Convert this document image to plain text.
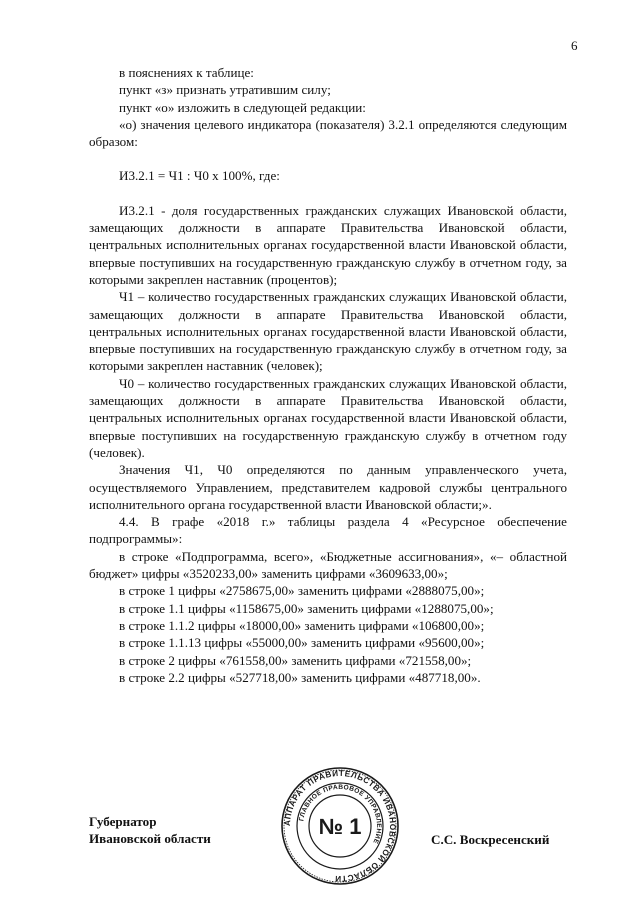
6

в пояснениях к таблице:

пункт «з» признать утратившим силу;

пункт «о» изложить в следующей редакции:

«о) значения целевого индикатора (показателя) 3.2.1 определяются следующим образом:

И3.2.1 = Ч1 : Ч0 х 100%, где:

И3.2.1 - доля государственных гражданских служащих Ивановской области, замещающих должности в аппарате Правительства Ивановской области, центральных исполнительных органах государственной власти Ивановской области, впервые поступивших на государственную гражданскую службу в отчетном году, за которыми закреплен наставник (процентов);

Ч1 – количество государственных гражданских служащих Ивановской области, замещающих должности в аппарате Правительства Ивановской области, центральных исполнительных органах государственной власти Ивановской области, впервые поступивших на государственную гражданскую службу в отчетном году, за которыми закреплен наставник (человек);

Ч0 – количество государственных гражданских служащих Ивановской области, замещающих должности в аппарате Правительства Ивановской области, центральных исполнительных органах государственной власти Ивановской области, впервые поступивших на государственную гражданскую службу в отчетном году (человек).

Значения Ч1, Ч0 определяются по данным управленческого учета, осуществляемого Управлением, представителем кадровой службы центрального исполнительного органа государственной власти Ивановской области;».

4.4. В графе «2018 г.» таблицы раздела 4 «Ресурсное обеспечение подпрограммы»:

в строке «Подпрограмма, всего», «Бюджетные ассигнования», «– областной бюджет» цифры «3520233,00» заменить цифрами «3609633,00»;

в строке 1 цифры «2758675,00» заменить цифрами «2888075,00»;

в строке 1.1 цифры «1158675,00» заменить цифрами «1288075,00»;

в строке 1.1.2 цифры «18000,00» заменить цифрами «106800,00»;

в строке 1.1.13 цифры «55000,00» заменить цифрами «95600,00»;

в строке 2 цифры «761558,00» заменить цифрами «721558,00»;

в строке 2.2 цифры «527718,00» заменить цифрами «487718,00».

Губернатор
Ивановской области	С.С. Воскресенский
АППАРАТ ПРАВИТЕЛЬСТВА ИВАНОВСКОЙ ОБЛАСТИ
ГЛАВНОЕ ПРАВОВОЕ УПРАВЛЕНИЕ
№ 1
